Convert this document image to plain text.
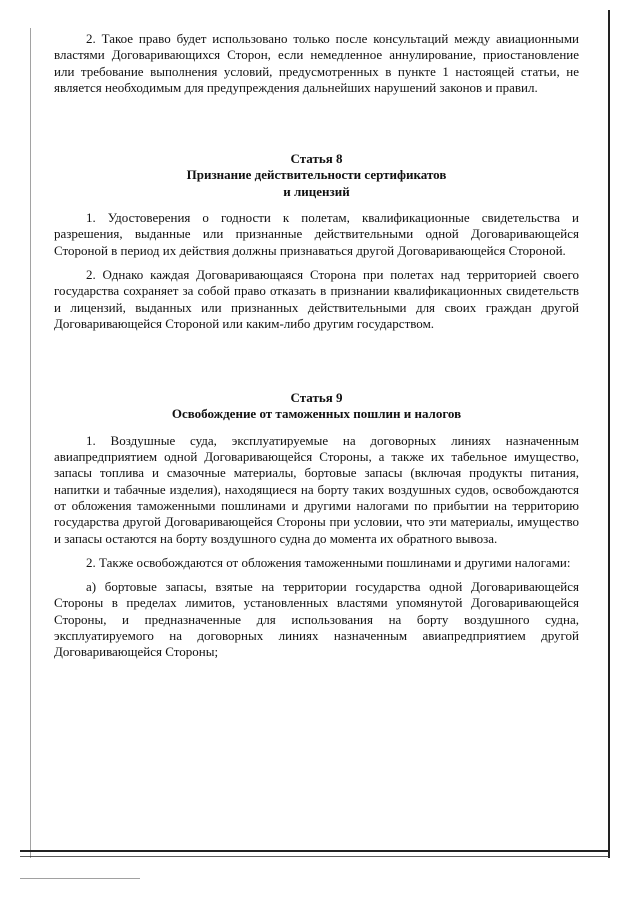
2. Такое право будет использовано только после консультаций между авиационными властями Договаривающихся Сторон, если немедленное аннулирование, приостановление или требование выполнения условий, предусмотренных в пункте 1 настоящей статьи, не является необходимым для предупреждения дальнейших нарушений законов и правил.

Статья 8
Признание действительности сертификатов
и лицензий

1. Удостоверения о годности к полетам, квалификационные свидетельства и разрешения, выданные или признанные действительными одной Договаривающейся Стороной в период их действия должны признаваться другой Договаривающейся Стороной.

2. Однако каждая Договаривающаяся Сторона при полетах над территорией своего государства сохраняет за собой право отказать в признании квалификационных свидетельств и лицензий, выданных или признанных действительными для своих граждан другой Договаривающейся Стороной или каким-либо другим государством.

Статья 9
Освобождение от таможенных пошлин и налогов

1. Воздушные суда, эксплуатируемые на договорных линиях назначенным авиапредприятием одной Договаривающейся Стороны, а также их табельное имущество, запасы топлива и смазочные материалы, бортовые запасы (включая продукты питания, напитки и табачные изделия), находящиеся на борту таких воздушных судов, освобождаются от обложения таможенными пошлинами и другими налогами по прибытии на территорию государства другой Договаривающейся Стороны при условии, что эти материалы, имущество и запасы остаются на борту воздушного судна до момента их обратного вывоза.

2. Также освобождаются от обложения таможенными пошлинами и другими налогами:

а) бортовые запасы, взятые на территории государства одной Договаривающейся Стороны в пределах лимитов, установленных властями упомянутой Договаривающейся Стороны, и предназначенные для использования на борту воздушного судна, эксплуатируемого на договорных линиях назначенным авиапредприятием другой Договаривающейся Стороны;
